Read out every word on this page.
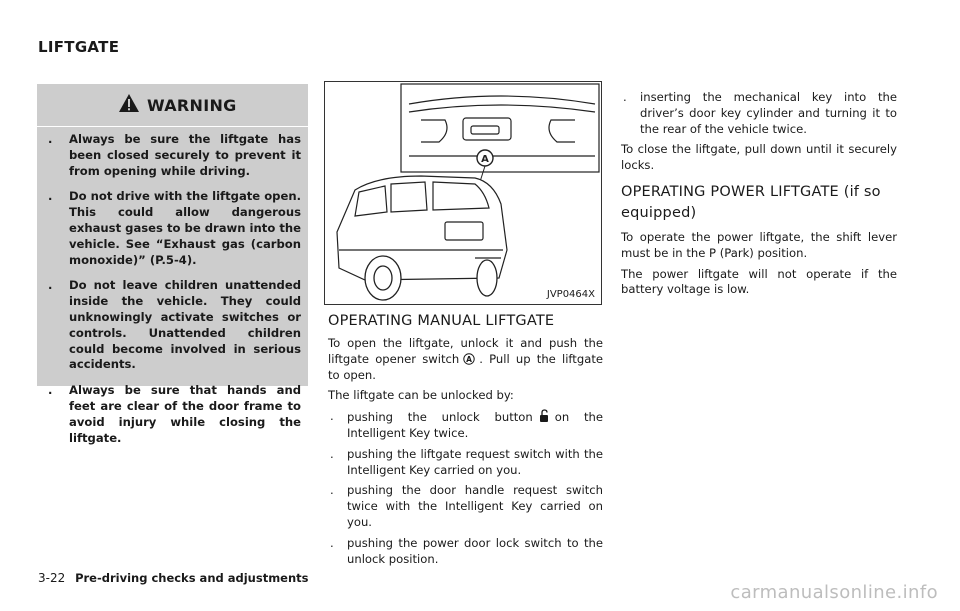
LIFTGATE
WARNING
. Always be sure the liftgate has been closed securely to prevent it from opening while driving.
. Do not drive with the liftgate open. This could allow dangerous exhaust gases to be drawn into the vehicle. See “Exhaust gas (carbon monoxide)” (P.5-4).
. Do not leave children unattended inside the vehicle. They could unknowingly activate switches or controls. Unattended children could become involved in serious accidents.
. Always be sure that hands and feet are clear of the door frame to avoid injury while closing the liftgate.
A
JVP0464X
OPERATING MANUAL LIFTGATE

To open the liftgate, unlock it and push the liftgate opener switch A . Pull up the liftgate to open.

The liftgate can be unlocked by:

. pushing the unlock button on the Intelligent Key twice.
. pushing the liftgate request switch with the Intelligent Key carried on you.
. pushing the door handle request switch twice with the Intelligent Key carried on you.
. pushing the power door lock switch to the unlock position.
. inserting the mechanical key into the driver’s door key cylinder and turning it to the rear of the vehicle twice.

To close the liftgate, pull down until it securely locks.

OPERATING POWER LIFTGATE (if so equipped)

To operate the power liftgate, the shift lever must be in the P (Park) position.

The power liftgate will not operate if the battery voltage is low.

3-22 Pre-driving checks and adjustments
carmanualsonline.info
